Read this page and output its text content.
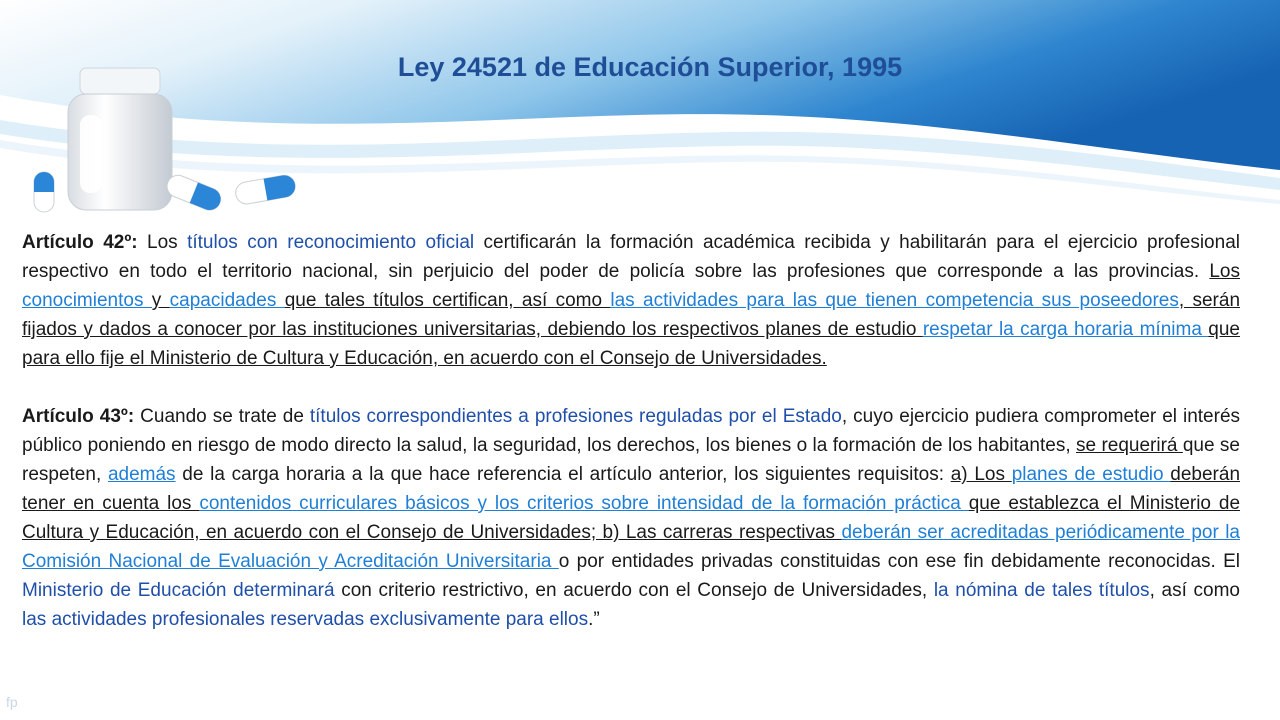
Ley 24521 de Educación Superior, 1995

Artículo 42º: Los títulos con reconocimiento oficial certificarán la formación académica recibida y habilitarán para el ejercicio profesional respectivo en todo el territorio nacional, sin perjuicio del poder de policía sobre las profesiones que corresponde a las provincias. Los conocimientos y capacidades que tales títulos certifican, así como las actividades para las que tienen competencia sus poseedores, serán fijados y dados a conocer por las instituciones universitarias, debiendo los respectivos planes de estudio respetar la carga horaria mínima que para ello fije el Ministerio de Cultura y Educación, en acuerdo con el Consejo de Universidades.

Artículo 43º: Cuando se trate de títulos correspondientes a profesiones reguladas por el Estado, cuyo ejercicio pudiera comprometer el interés público poniendo en riesgo de modo directo la salud, la seguridad, los derechos, los bienes o la formación de los habitantes, se requerirá que se respeten, además de la carga horaria a la que hace referencia el artículo anterior, los siguientes requisitos: a) Los planes de estudio deberán tener en cuenta los contenidos curriculares básicos y los criterios sobre intensidad de la formación práctica que establezca el Ministerio de Cultura y Educación, en acuerdo con el Consejo de Universidades; b) Las carreras respectivas deberán ser acreditadas periódicamente por la Comisión Nacional de Evaluación y Acreditación Universitaria o por entidades privadas constituidas con ese fin debidamente reconocidas. El Ministerio de Educación determinará con criterio restrictivo, en acuerdo con el Consejo de Universidades, la nómina de tales títulos, así como las actividades profesionales reservadas exclusivamente para ellos.”

fp
